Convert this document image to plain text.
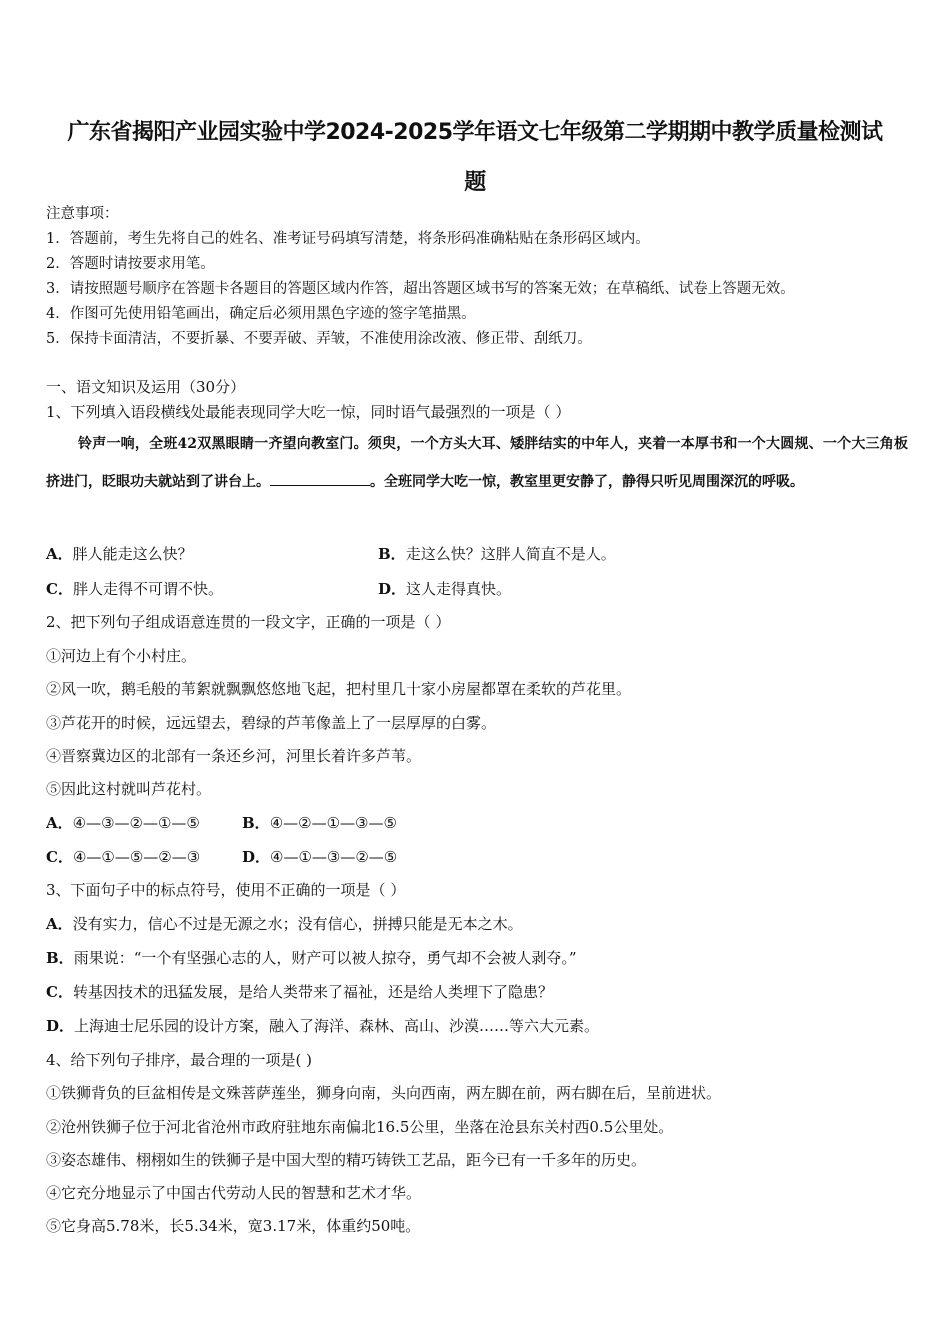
广东省揭阳产业园实验中学2024-2025学年语文七年级第二学期期中教学质量检测试
题
注意事项：
1．答题前，考生先将自己的姓名、准考证号码填写清楚，将条形码准确粘贴在条形码区域内。
2．答题时请按要求用笔。
3．请按照题号顺序在答题卡各题目的答题区域内作答，超出答题区域书写的答案无效；在草稿纸、试卷上答题无效。
4．作图可先使用铅笔画出，确定后必须用黑色字迹的签字笔描黑。
5．保持卡面清洁，不要折暴、不要弄破、弄皱，不准使用涂改液、修正带、刮纸刀。
一、语文知识及运用（30分）
1、下列填入语段横线处最能表现同学大吃一惊，同时语气最强烈的一项是（ ）
铃声一响，全班42双黑眼睛一齐望向教室门。须臾，一个方头大耳、矮胖结实的中年人，夹着一本厚书和一个大圆规、一个大三角板挤进门，眨眼功夫就站到了讲台上。	。全班同学大吃一惊，教室里更安静了，静得只听见周围深沉的呼吸。
A．胖人能走这么快？	B．走这么快？这胖人简直不是人。
C．胖人走得不可谓不快。	D．这人走得真快。
2、把下列句子组成语意连贯的一段文字，正确的一项是（ ）
①河边上有个小村庄。
②风一吹，鹅毛般的苇絮就飘飘悠悠地飞起，把村里几十家小房屋都罩在柔软的芦花里。
③芦花开的时候，远远望去，碧绿的芦苇像盖上了一层厚厚的白雾。
④晋察冀边区的北部有一条还乡河，河里长着许多芦苇。
⑤因此这村就叫芦花村。
A．④—③—②—①—⑤	B．④—②—①—③—⑤
C．④—①—⑤—②—③	D．④—①—③—②—⑤
3、下面句子中的标点符号，使用不正确的一项是（ ）
A．没有实力，信心不过是无源之水；没有信心，拼搏只能是无本之木。
B．雨果说：“一个有坚强心志的人，财产可以被人掠夺，勇气却不会被人剥夺。”
C．转基因技术的迅猛发展，是给人类带来了福祉，还是给人类埋下了隐患？
D．上海迪士尼乐园的设计方案，融入了海洋、森林、高山、沙漠……等六大元素。
4、给下列句子排序，最合理的一项是( )
①铁狮背负的巨盆相传是文殊菩萨莲坐，狮身向南，头向西南，两左脚在前，两右脚在后，呈前进状。
②沧州铁狮子位于河北省沧州市政府驻地东南偏北16.5公里，坐落在沧县东关村西0.5公里处。
③姿态雄伟、栩栩如生的铁狮子是中国大型的精巧铸铁工艺品，距今已有一千多年的历史。
④它充分地显示了中国古代劳动人民的智慧和艺术才华。
⑤它身高5.78米，长5.34米，宽3.17米，体重约50吨。
